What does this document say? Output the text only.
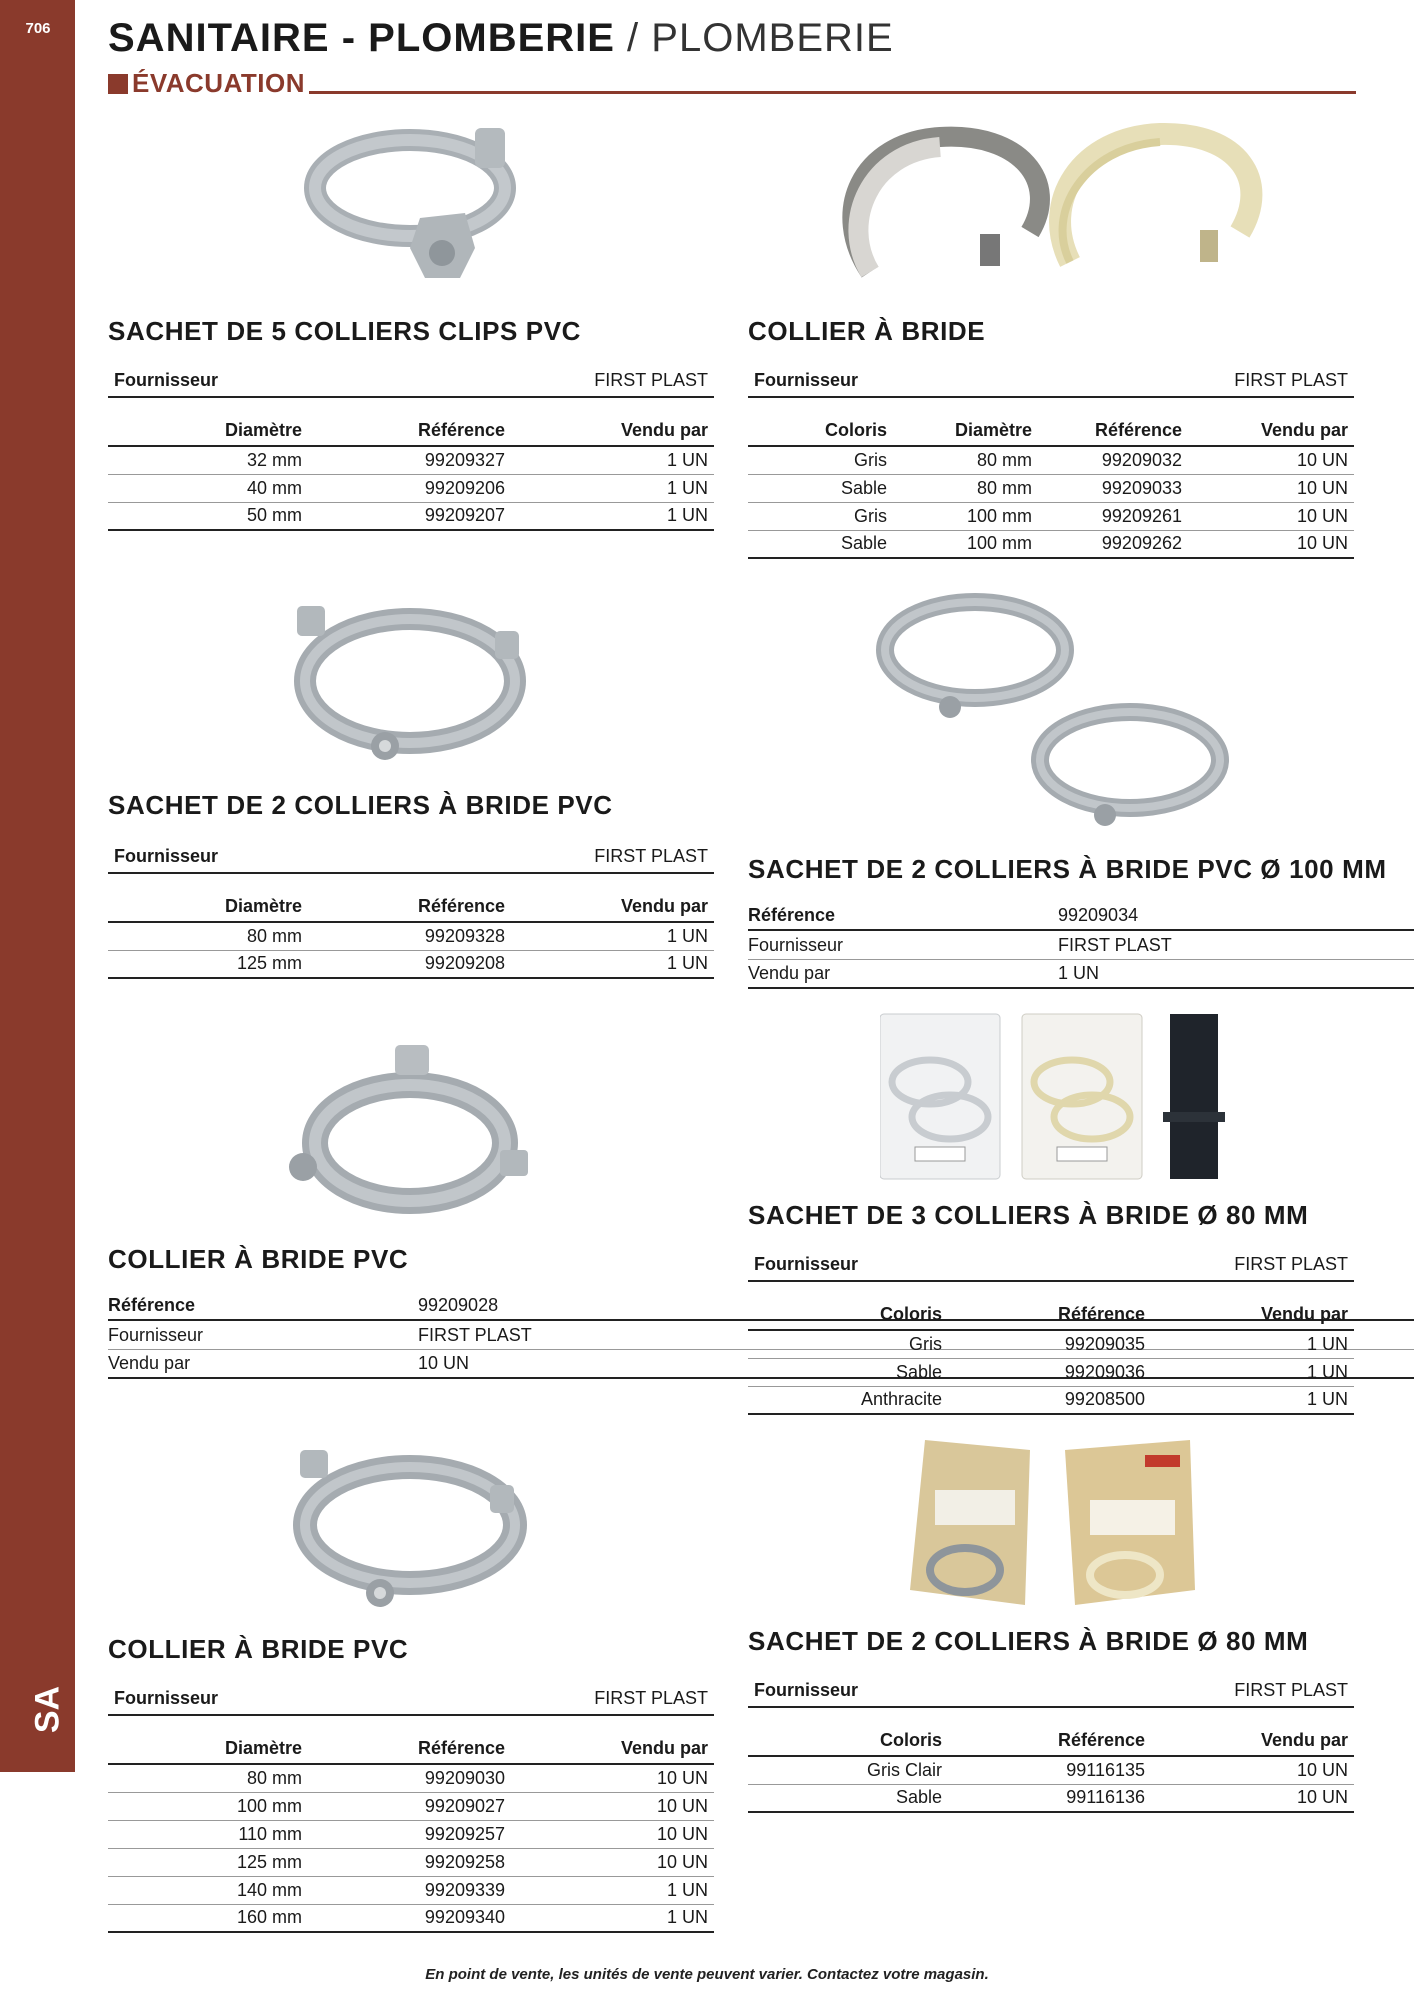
706
SA
SANITAIRE - PLOMBERIE / PLOMBERIE
ÉVACUATION
SACHET DE 5 COLLIERS CLIPS PVC
Fournisseur	FIRST PLAST
Diamètre	Référence	Vendu par
32 mm	99209327	1 UN
40 mm	99209206	1 UN
50 mm	99209207	1 UN
COLLIER À BRIDE
Fournisseur	FIRST PLAST
Coloris	Diamètre	Référence	Vendu par
Gris	80 mm	99209032	10 UN
Sable	80 mm	99209033	10 UN
Gris	100 mm	99209261	10 UN
Sable	100 mm	99209262	10 UN
SACHET DE 2 COLLIERS À BRIDE PVC
Fournisseur	FIRST PLAST
Diamètre	Référence	Vendu par
80 mm	99209328	1 UN
125 mm	99209208	1 UN
SACHET DE 2 COLLIERS À BRIDE PVC Ø 100 MM
Référence	99209034
Fournisseur	FIRST PLAST
Vendu par	1 UN
COLLIER À BRIDE PVC
Référence	99209028
Fournisseur	FIRST PLAST
Vendu par	10 UN
SACHET DE 3 COLLIERS À BRIDE Ø 80 MM
Fournisseur	FIRST PLAST
Coloris	Référence	Vendu par
Gris	99209035	1 UN
Sable	99209036	1 UN
Anthracite	99208500	1 UN
COLLIER À BRIDE PVC
Fournisseur	FIRST PLAST
Diamètre	Référence	Vendu par
80 mm	99209030	10 UN
100 mm	99209027	10 UN
110 mm	99209257	10 UN
125 mm	99209258	10 UN
140 mm	99209339	1 UN
160 mm	99209340	1 UN
SACHET DE 2 COLLIERS À BRIDE Ø 80 MM
Fournisseur	FIRST PLAST
Coloris	Référence	Vendu par
Gris Clair	99116135	10 UN
Sable	99116136	10 UN
En point de vente, les unités de vente peuvent varier. Contactez votre magasin.
